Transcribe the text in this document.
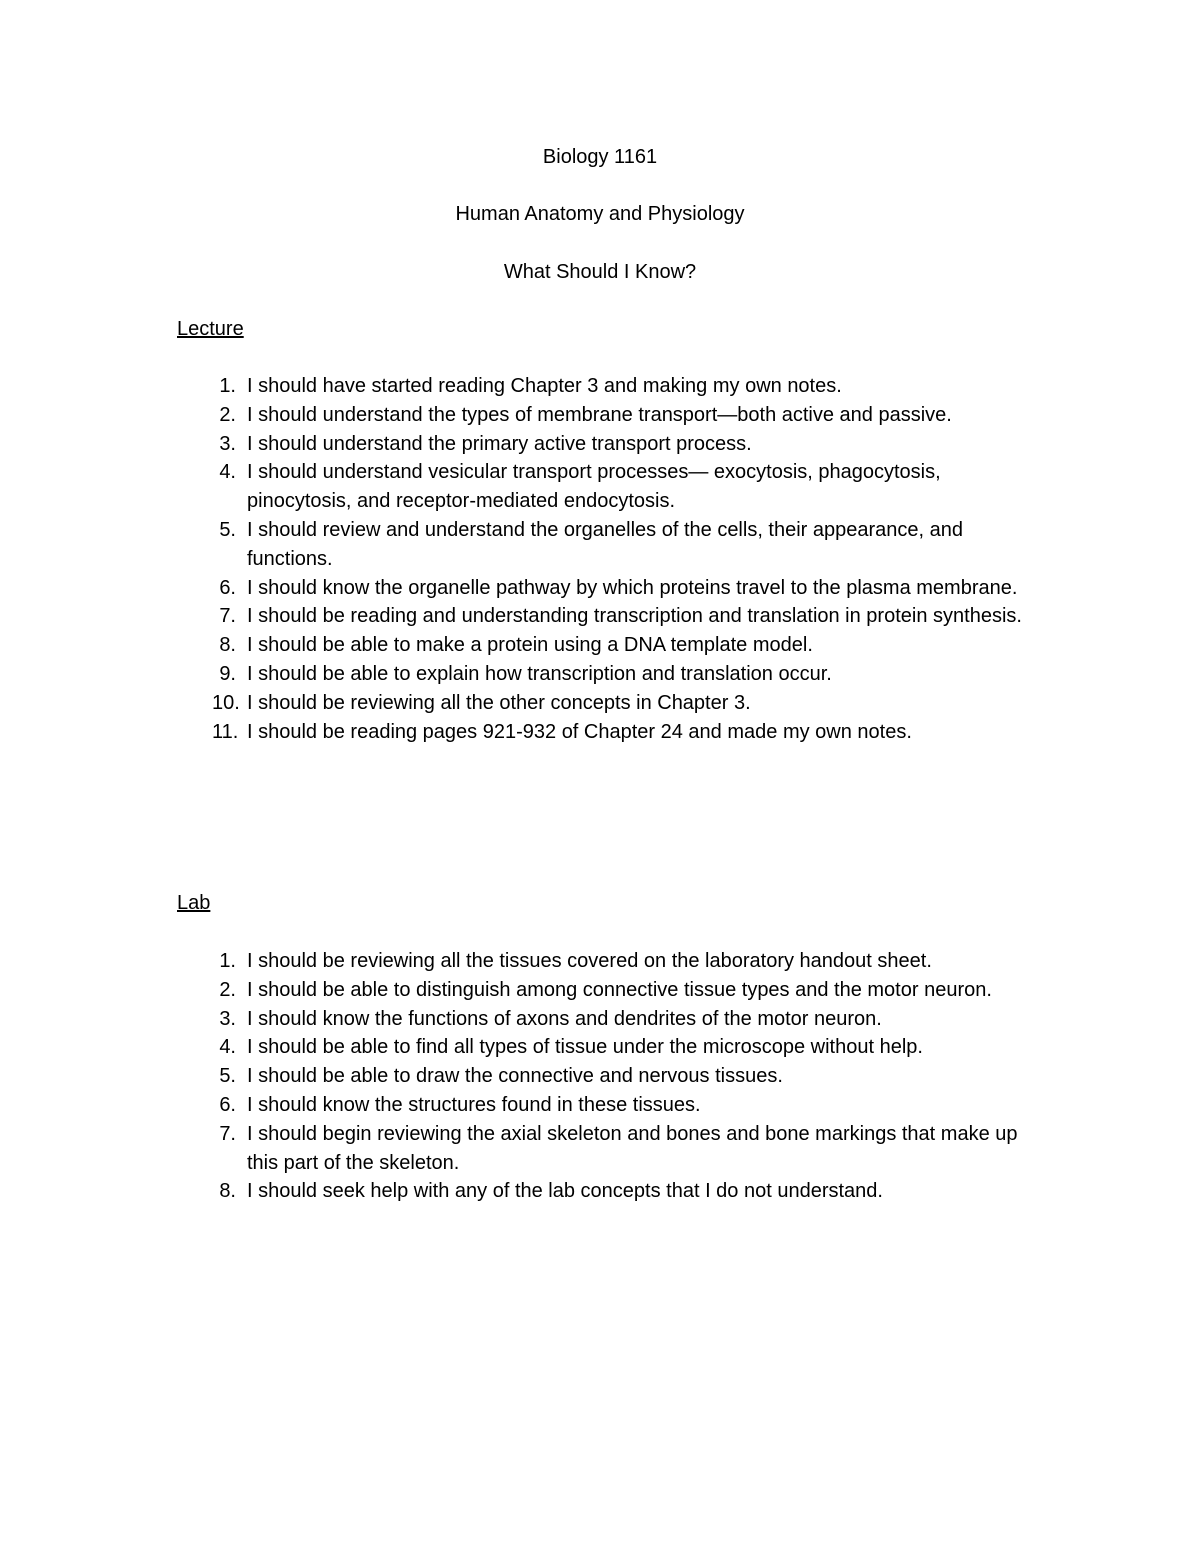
Biology 1161

Human Anatomy and Physiology

What Should I Know?

Lecture
1. I should have started reading Chapter 3 and making my own notes.
2. I should understand the types of membrane transport—both active and passive.
3. I should understand the primary active transport process.
4. I should understand vesicular transport processes— exocytosis, phagocytosis, pinocytosis, and receptor-mediated endocytosis.
5. I should review and understand the organelles of the cells, their appearance, and functions.
6. I should know the organelle pathway by which proteins travel to the plasma membrane.
7. I should be reading and understanding transcription and translation in protein synthesis.
8. I should be able to make a protein using a DNA template model.
9. I should be able to explain how transcription and translation occur.
10. I should be reviewing all the other concepts in Chapter 3.
11. I should be reading pages 921-932 of Chapter 24 and made my own notes.
Lab
1. I should be reviewing all the tissues covered on the laboratory handout sheet.
2. I should be able to distinguish among connective tissue types and the motor neuron.
3. I should know the functions of axons and dendrites of the motor neuron.
4. I should be able to find all types of tissue under the microscope without help.
5. I should be able to draw the connective and nervous tissues.
6. I should know the structures found in these tissues.
7. I should begin reviewing the axial skeleton and bones and bone markings that make up this part of the skeleton.
8. I should seek help with any of the lab concepts that I do not understand.
